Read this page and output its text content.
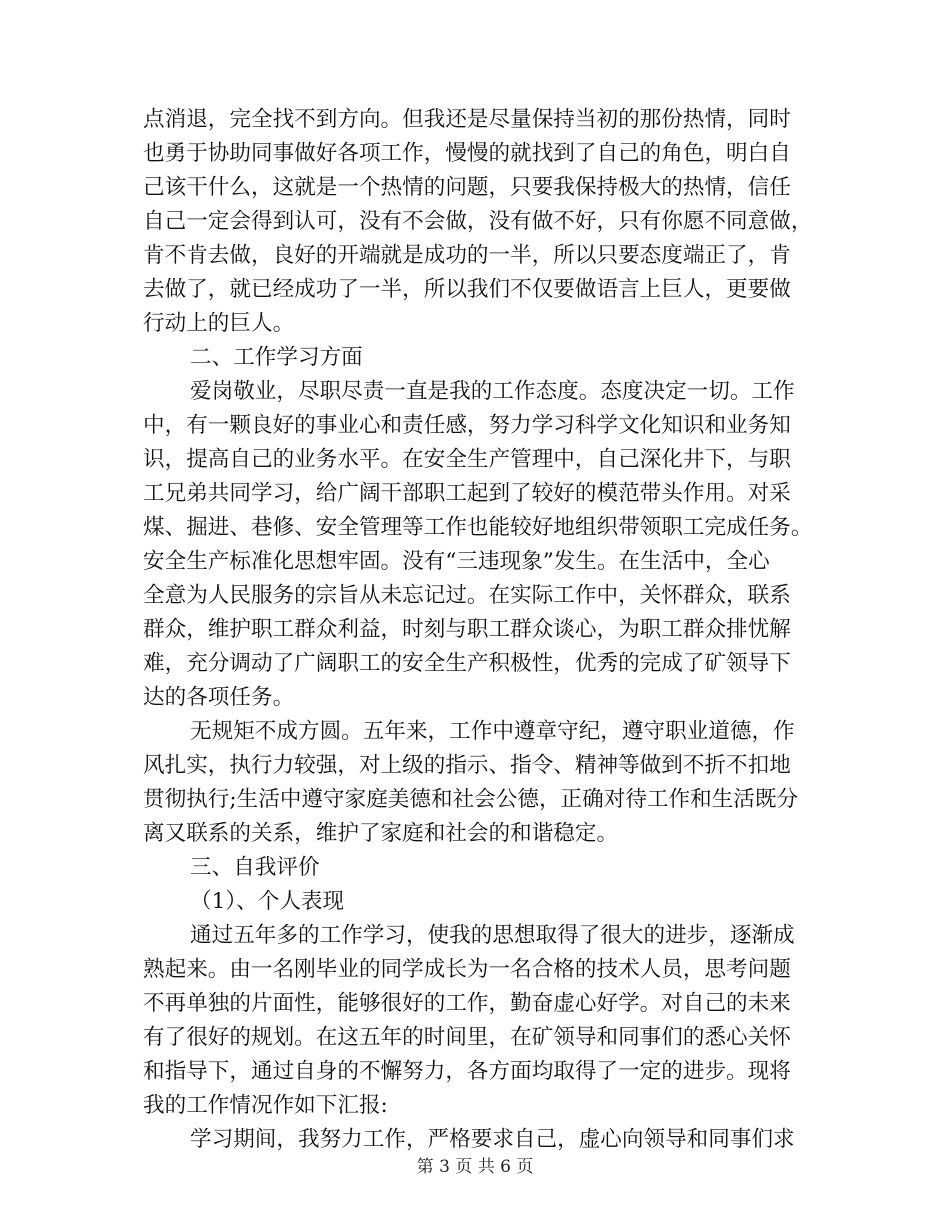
点消退，完全找不到方向。但我还是尽量保持当初的那份热情，同时
也勇于协助同事做好各项工作，慢慢的就找到了自己的角色，明白自
己该干什么，这就是一个热情的问题，只要我保持极大的热情，信任
自己一定会得到认可，没有不会做，没有做不好，只有你愿不同意做，
肯不肯去做，良好的开端就是成功的一半，所以只要态度端正了，肯
去做了，就已经成功了一半，所以我们不仅要做语言上巨人，更要做
行动上的巨人。
二、工作学习方面
爱岗敬业，尽职尽责一直是我的工作态度。态度决定一切。工作
中，有一颗良好的事业心和责任感，努力学习科学文化知识和业务知
识，提高自己的业务水平。在安全生产管理中，自己深化井下，与职
工兄弟共同学习，给广阔干部职工起到了较好的模范带头作用。对采
煤、掘进、巷修、安全管理等工作也能较好地组织带领职工完成任务。
安全生产标准化思想牢固。没有“三违现象”发生。在生活中，全心
全意为人民服务的宗旨从未忘记过。在实际工作中，关怀群众，联系
群众，维护职工群众利益，时刻与职工群众谈心，为职工群众排忧解
难，充分调动了广阔职工的安全生产积极性，优秀的完成了矿领导下
达的各项任务。
无规矩不成方圆。五年来，工作中遵章守纪，遵守职业道德，作
风扎实，执行力较强，对上级的指示、指令、精神等做到不折不扣地
贯彻执行;生活中遵守家庭美德和社会公德，正确对待工作和生活既分
离又联系的关系，维护了家庭和社会的和谐稳定。
三、自我评价
（1）、个人表现
通过五年多的工作学习，使我的思想取得了很大的进步，逐渐成
熟起来。由一名刚毕业的同学成长为一名合格的技术人员，思考问题
不再单独的片面性，能够很好的工作，勤奋虚心好学。对自己的未来
有了很好的规划。在这五年的时间里，在矿领导和同事们的悉心关怀
和指导下，通过自身的不懈努力，各方面均取得了一定的进步。现将
我的工作情况作如下汇报:
学习期间，我努力工作，严格要求自己，虚心向领导和同事们求
第 3 页 共 6 页
